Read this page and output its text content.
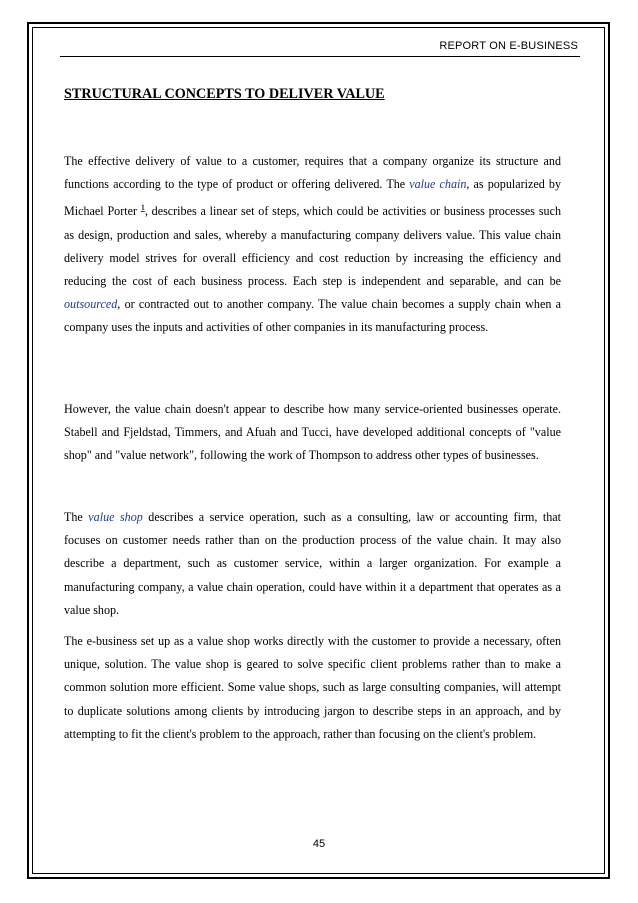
REPORT ON E-BUSINESS
STRUCTURAL CONCEPTS TO DELIVER VALUE
The effective delivery of value to a customer, requires that a company organize its structure and functions according to the type of product or offering delivered. The value chain, as popularized by Michael Porter $^1$, describes a linear set of steps, which could be activities or business processes such as design, production and sales, whereby a manufacturing company delivers value. This value chain delivery model strives for overall efficiency and cost reduction by increasing the efficiency and reducing the cost of each business process. Each step is independent and separable, and can be outsourced, or contracted out to another company. The value chain becomes a supply chain when a company uses the inputs and activities of other companies in its manufacturing process.
However, the value chain doesn't appear to describe how many service-oriented businesses operate. Stabell and Fjeldstad, Timmers, and Afuah and Tucci, have developed additional concepts of "value shop" and "value network", following the work of Thompson to address other types of businesses.
The value shop describes a service operation, such as a consulting, law or accounting firm, that focuses on customer needs rather than on the production process of the value chain. It may also describe a department, such as customer service, within a larger organization. For example a manufacturing company, a value chain operation, could have within it a department that operates as a value shop.
The e-business set up as a value shop works directly with the customer to provide a necessary, often unique, solution. The value shop is geared to solve specific client problems rather than to make a common solution more efficient. Some value shops, such as large consulting companies, will attempt to duplicate solutions among clients by introducing jargon to describe steps in an approach, and by attempting to fit the client's problem to the approach, rather than focusing on the client's problem.
45
